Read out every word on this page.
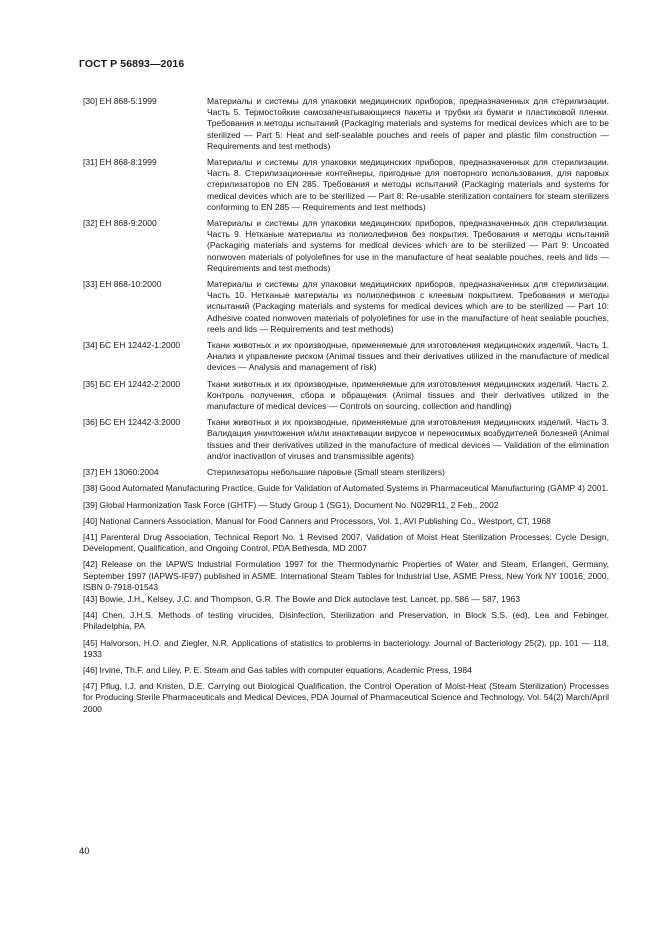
ГОСТ Р 56893—2016
[30] EH 868-5:1999	Материалы и системы для упаковки медицинских приборов, предназначенных для стерилизации. Часть 5. Термостойкие самозапечатывающиеся пакеты и трубки из бумаги и пластиковой пленки. Требования и методы испытаний (Packaging materials and systems for medical devices which are to be sterilized — Part 5: Heat and self-sealable pouches and reels of paper and plastic film construction — Requirements and test methods)
[31] EH 868-8:1999	Материалы и системы для упаковки медицинских приборов, предназначенных для стерилизации. Часть 8. Стерилизационные контейнеры, пригодные для повторного использования, для паровых стерилизаторов по EN 285. Требования и методы испытаний (Packaging materials and systems for medical devices which are to be sterilized — Part 8: Re-usable sterilization containers for steam sterilizers conforming to EN 285 — Requirements and test methods)
[32] EH 868-9:2000	Материалы и системы для упаковки медицинских приборов, предназначенных для стерилизации. Часть 9. Нетканые материалы из полиолефинов без покрытия. Требования и методы испытаний (Packaging materials and systems for medical devices which are to be sterilized — Part 9: Uncoated nonwoven materials of polyolefines for use in the manufacture of heat sealable pouches, reels and lids — Requirements and test methods)
[33] EH 868-10:2000	Материалы и системы для упаковки медицинских приборов, предназначенных для стерилизации. Часть 10. Нетканые материалы из полиолефинов с клеевым покрытием. Требования и методы испытаний (Packaging materials and systems for medical devices which are to be sterilized — Part 10: Adhesive coated nonwoven materials of polyolefines for use in the manufacture of heat sealable pouches, reels and lids — Requirements and test methods)
[34] БС EH 12442-1:2000	Ткани животных и их производные, применяемые для изготовления медицинских изделий. Часть 1. Анализ и управление риском (Animal tissues and their derivatives utilized in the manufacture of medical devices — Analysis and management of risk)
[35] БС EH 12442-2:2000	Ткани животных и их производные, применяемые для изготовления медицинских изделий. Часть 2. Контроль получения, сбора и обращения (Animal tissues and their derivatives utilized in the manufacture of medical devices — Controls on sourcing, collection and handling)
[36] БС EH 12442-3:2000	Ткани животных и их производные, применяемые для изготовления медицинских изделий. Часть 3. Валидация уничтожения и/или инактивации вирусов и переносимых возбудителей болезней (Animal tissues and their derivatives utilized in the manufacture of medical devices — Validation of the elimination and/or inactivation of viruses and transmissible agents)
[37] EH 13060:2004	Стерилизаторы небольшие паровые (Small steam sterilizers)
[38] Good Automated Manufacturing Practice, Guide for Validation of Automated Systems in Pharmaceutical Manufacturing (GAMP 4) 2001.
[39] Global Harmonization Task Force (GHTF) — Study Group 1 (SG1), Document No. N029R11, 2 Feb., 2002
[40] National Canners Association, Manual for Food Canners and Processors, Vol. 1, AVI Publishing Co., Westport, CT, 1968
[41] Parenteral Drug Association, Technical Report No. 1 Revised 2007, Validation of Moist Heat Sterilization Processes: Cycle Design, Development, Qualification, and Ongoing Control, PDA Bethesda, MD 2007
[42] Release on the IAPWS Industrial Formulation 1997 for the Thermodynamic Properties of Water and Steam, Erlangen, Germany, September 1997 (IAPWS-IF97) published in ASME. International Steam Tables for Industrial Use, ASME Press, New York NY 10016, 2000, ISBN 0-7918-01543
[43] Bowie, J.H., Kelsey, J.C. and Thompson, G.R. The Bowie and Dick autoclave test, Lancet, pp. 586 — 587, 1963
[44] Chen, J.H.S. Methods of testing virucides, Disinfection, Sterilization and Preservation, in Block S.S. (ed), Lea and Febinger, Philadelphia, PA
[45] Halvorson, H.O. and Ziegler, N.R. Applications of statistics to problems in bacteriology. Journal of Bacteriology 25(2), pp. 101 — 118, 1933
[46] Irvine, Th.F. and Liley, P. E. Steam and Gas tables with computer equations, Academic Press, 1984
[47] Pflug, I.J. and Kristen, D.E. Carrying out Biological Qualification, the Control Operation of Moist-Heat (Steam Sterilization) Processes for Producing Sterile Pharmaceuticals and Medical Devices, PDA Journal of Pharmaceutical Science and Technology, Vol. 54(2) March/April 2000
40
